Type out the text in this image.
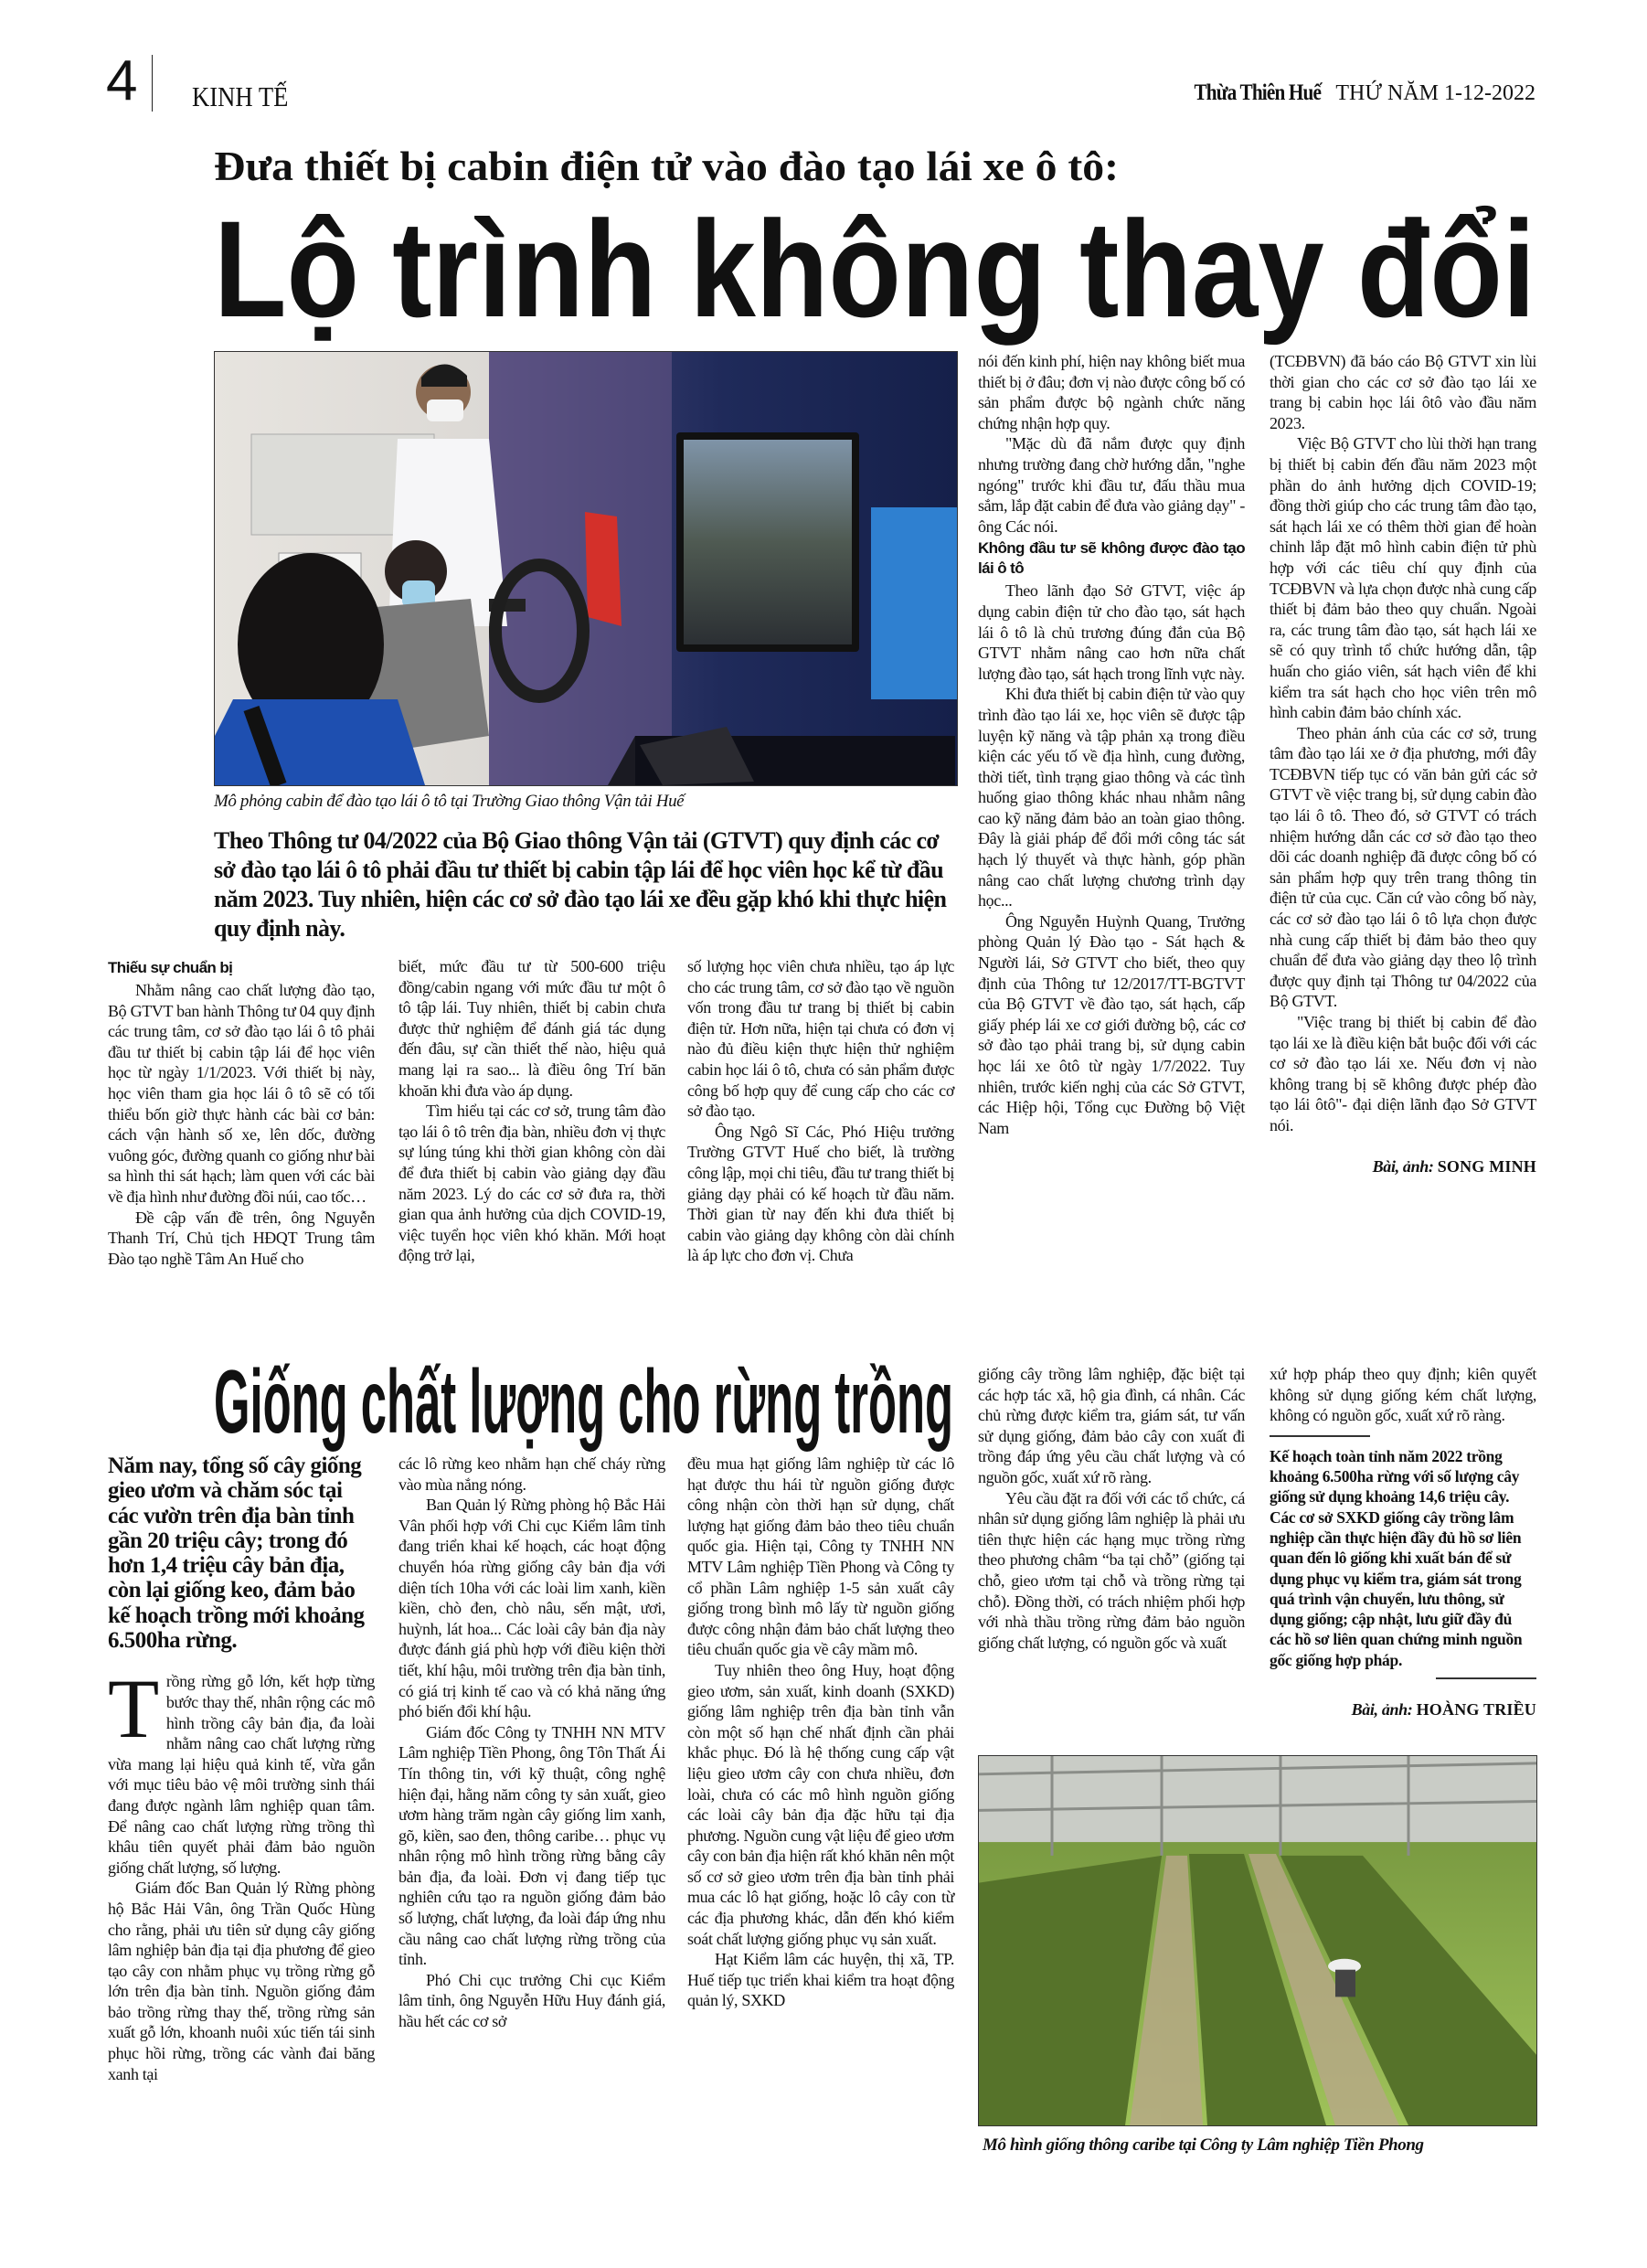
4 KINH TẾ	Thừa Thiên Huế THỨ NĂM 1-12-2022
Đưa thiết bị cabin điện tử vào đào tạo lái xe ô tô:
Lộ trình không thay đổi
Mô phỏng cabin để đào tạo lái ô tô tại Trường Giao thông Vận tải Huế
Theo Thông tư 04/2022 của Bộ Giao thông Vận tải (GTVT) quy định các cơ sở đào tạo lái ô tô phải đầu tư thiết bị cabin tập lái để học viên học kể từ đầu năm 2023. Tuy nhiên, hiện các cơ sở đào tạo lái xe đều gặp khó khi thực hiện quy định này.
Thiếu sự chuẩn bị

Nhằm nâng cao chất lượng đào tạo, Bộ GTVT ban hành Thông tư 04 quy định các trung tâm, cơ sở đào tạo lái ô tô phải đầu tư thiết bị cabin tập lái để học viên học từ ngày 1/1/2023. Với thiết bị này, học viên tham gia học lái ô tô sẽ có tối thiểu bốn giờ thực hành các bài cơ bản: cách vận hành số xe, lên dốc, đường vuông góc, đường quanh co giống như bài sa hình thi sát hạch; làm quen với các bài về địa hình như đường đồi núi, cao tốc…

Đề cập vấn đề trên, ông Nguyễn Thanh Trí, Chủ tịch HĐQT Trung tâm Đào tạo nghề Tâm An Huế cho

biết, mức đầu tư từ 500-600 triệu đồng/cabin ngang với mức đầu tư một ô tô tập lái. Tuy nhiên, thiết bị cabin chưa được thử nghiệm để đánh giá tác dụng đến đâu, sự cần thiết thế nào, hiệu quả mang lại ra sao... là điều ông Trí băn khoăn khi đưa vào áp dụng.

Tìm hiểu tại các cơ sở, trung tâm đào tạo lái ô tô trên địa bàn, nhiều đơn vị thực sự lúng túng khi thời gian không còn dài để đưa thiết bị cabin vào giảng dạy đầu năm 2023. Lý do các cơ sở đưa ra, thời gian qua ảnh hưởng của dịch COVID-19, việc tuyển học viên khó khăn. Mới hoạt động trở lại,

số lượng học viên chưa nhiều, tạo áp lực cho các trung tâm, cơ sở đào tạo về nguồn vốn trong đầu tư trang bị thiết bị cabin điện tử. Hơn nữa, hiện tại chưa có đơn vị nào đủ điều kiện thực hiện thử nghiệm cabin học lái ô tô, chưa có sản phẩm được công bố hợp quy để cung cấp cho các cơ sở đào tạo.

Ông Ngô Sĩ Các, Phó Hiệu trưởng Trường GTVT Huế cho biết, là trường công lập, mọi chi tiêu, đầu tư trang thiết bị giảng dạy phải có kế hoạch từ đầu năm. Thời gian từ nay đến khi đưa thiết bị cabin vào giảng dạy không còn dài chính là áp lực cho đơn vị. Chưa

nói đến kinh phí, hiện nay không biết mua thiết bị ở đâu; đơn vị nào được công bố có sản phẩm được bộ ngành chức năng chứng nhận hợp quy.

"Mặc dù đã nắm được quy định nhưng trường đang chờ hướng dẫn, "nghe ngóng" trước khi đầu tư, đấu thầu mua sắm, lắp đặt cabin để đưa vào giảng dạy" - ông Các nói.

Không đầu tư sẽ không được đào tạo lái ô tô

Theo lãnh đạo Sở GTVT, việc áp dụng cabin điện tử cho đào tạo, sát hạch lái ô tô là chủ trương đúng đắn của Bộ GTVT nhằm nâng cao hơn nữa chất lượng đào tạo, sát hạch trong lĩnh vực này.

Khi đưa thiết bị cabin điện tử vào quy trình đào tạo lái xe, học viên sẽ được tập luyện kỹ năng và tập phản xạ trong điều kiện các yếu tố về địa hình, cung đường, thời tiết, tình trạng giao thông và các tình huống giao thông khác nhau nhằm nâng cao kỹ năng đảm bảo an toàn giao thông. Đây là giải pháp để đổi mới công tác sát hạch lý thuyết và thực hành, góp phần nâng cao chất lượng chương trình dạy học...

Ông Nguyễn Huỳnh Quang, Trưởng phòng Quản lý Đào tạo - Sát hạch & Người lái, Sở GTVT cho biết, theo quy định của Thông tư 12/2017/TT-BGTVT của Bộ GTVT về đào tạo, sát hạch, cấp giấy phép lái xe cơ giới đường bộ, các cơ sở đào tạo phải trang bị, sử dụng cabin học lái xe ôtô từ ngày 1/7/2022. Tuy nhiên, trước kiến nghị của các Sở GTVT, các Hiệp hội, Tổng cục Đường bộ Việt Nam

(TCĐBVN) đã báo cáo Bộ GTVT xin lùi thời gian cho các cơ sở đào tạo lái xe trang bị cabin học lái ôtô vào đầu năm 2023.

Việc Bộ GTVT cho lùi thời hạn trang bị thiết bị cabin đến đầu năm 2023 một phần do ảnh hưởng dịch COVID-19; đồng thời giúp cho các trung tâm đào tạo, sát hạch lái xe có thêm thời gian để hoàn chỉnh lắp đặt mô hình cabin điện tử phù hợp với các tiêu chí quy định của TCĐBVN và lựa chọn được nhà cung cấp thiết bị đảm bảo theo quy chuẩn. Ngoài ra, các trung tâm đào tạo, sát hạch lái xe sẽ có quy trình tổ chức hướng dẫn, tập huấn cho giáo viên, sát hạch viên để khi kiểm tra sát hạch cho học viên trên mô hình cabin đảm bảo chính xác.

Theo phản ánh của các cơ sở, trung tâm đào tạo lái xe ở địa phương, mới đây TCĐBVN tiếp tục có văn bản gửi các sở GTVT về việc trang bị, sử dụng cabin đào tạo lái ô tô. Theo đó, sở GTVT có trách nhiệm hướng dẫn các cơ sở đào tạo theo dõi các doanh nghiệp đã được công bố có sản phẩm hợp quy trên trang thông tin điện tử của cục. Căn cứ vào công bố này, các cơ sở đào tạo lái ô tô lựa chọn được nhà cung cấp thiết bị đảm bảo theo quy chuẩn để đưa vào giảng dạy theo lộ trình được quy định tại Thông tư 04/2022 của Bộ GTVT.

"Việc trang bị thiết bị cabin để đào tạo lái xe là điều kiện bắt buộc đối với các cơ sở đào tạo lái xe. Nếu đơn vị nào không trang bị sẽ không được phép đào tạo lái ôtô"- đại diện lãnh đạo Sở GTVT nói.

Bài, ảnh: SONG MINH
Giống chất lượng cho rừng trồng
Năm nay, tổng số cây giống gieo ươm và chăm sóc tại các vườn trên địa bàn tỉnh gần 20 triệu cây; trong đó hơn 1,4 triệu cây bản địa, còn lại giống keo, đảm bảo kế hoạch trồng mới khoảng 6.500ha rừng.

Trồng rừng gỗ lớn, kết hợp từng bước thay thế, nhân rộng các mô hình trồng cây bản địa, đa loài nhằm nâng cao chất lượng rừng vừa mang lại hiệu quả kinh tế, vừa gắn với mục tiêu bảo vệ môi trường sinh thái đang được ngành lâm nghiệp quan tâm. Để nâng cao chất lượng rừng trồng thì khâu tiên quyết phải đảm bảo nguồn giống chất lượng, số lượng.

Giám đốc Ban Quản lý Rừng phòng hộ Bắc Hải Vân, ông Trần Quốc Hùng cho rằng, phải ưu tiên sử dụng cây giống lâm nghiệp bản địa tại địa phương để gieo tạo cây con nhằm phục vụ trồng rừng gỗ lớn trên địa bàn tỉnh. Nguồn giống đảm bảo trồng rừng thay thế, trồng rừng sản xuất gỗ lớn, khoanh nuôi xúc tiến tái sinh phục hồi rừng, trồng các vành đai băng xanh tại

các lô rừng keo nhằm hạn chế cháy rừng vào mùa nắng nóng.

Ban Quản lý Rừng phòng hộ Bắc Hải Vân phối hợp với Chi cục Kiểm lâm tỉnh đang triển khai kế hoạch, các hoạt động chuyển hóa rừng giống cây bản địa với diện tích 10ha với các loài lim xanh, kiền kiền, chò đen, chò nâu, sến mật, ươi, huỳnh, lát hoa... Các loài cây bản địa này được đánh giá phù hợp với điều kiện thời tiết, khí hậu, môi trường trên địa bàn tỉnh, có giá trị kinh tế cao và có khả năng ứng phó biến đổi khí hậu.

Giám đốc Công ty TNHH NN MTV Lâm nghiệp Tiền Phong, ông Tôn Thất Ái Tín thông tin, với kỹ thuật, công nghệ hiện đại, hằng năm công ty sản xuất, gieo ươm hàng trăm ngàn cây giống lim xanh, gõ, kiền, sao đen, thông caribe… phục vụ nhân rộng mô hình trồng rừng bằng cây bản địa, đa loài. Đơn vị đang tiếp tục nghiên cứu tạo ra nguồn giống đảm bảo số lượng, chất lượng, đa loài đáp ứng nhu cầu nâng cao chất lượng rừng trồng của tỉnh.

Phó Chi cục trưởng Chi cục Kiểm lâm tỉnh, ông Nguyễn Hữu Huy đánh giá, hầu hết các cơ sở

đều mua hạt giống lâm nghiệp từ các lô hạt được thu hái từ nguồn giống được công nhận còn thời hạn sử dụng, chất lượng hạt giống đảm bảo theo tiêu chuẩn quốc gia. Hiện tại, Công ty TNHH NN MTV Lâm nghiệp Tiền Phong và Công ty cổ phần Lâm nghiệp 1-5 sản xuất cây giống trong bình mô lấy từ nguồn giống được công nhận đảm bảo chất lượng theo tiêu chuẩn quốc gia về cây mầm mô.

Tuy nhiên theo ông Huy, hoạt động gieo ươm, sản xuất, kinh doanh (SXKD) giống lâm nghiệp trên địa bàn tỉnh vẫn còn một số hạn chế nhất định cần phải khắc phục. Đó là hệ thống cung cấp vật liệu gieo ươm cây con chưa nhiều, đơn loài, chưa có các mô hình nguồn giống các loài cây bản địa đặc hữu tại địa phương. Nguồn cung vật liệu để gieo ươm cây con bản địa hiện rất khó khăn nên một số cơ sở gieo ươm trên địa bàn tỉnh phải mua các lô hạt giống, hoặc lô cây con từ các địa phương khác, dẫn đến khó kiểm soát chất lượng giống phục vụ sản xuất.

Hạt Kiểm lâm các huyện, thị xã, TP. Huế tiếp tục triển khai kiểm tra hoạt động quản lý, SXKD

giống cây trồng lâm nghiệp, đặc biệt tại các hợp tác xã, hộ gia đình, cá nhân. Các chủ rừng được kiểm tra, giám sát, tư vấn sử dụng giống, đảm bảo cây con xuất đi trồng đáp ứng yêu cầu chất lượng và có nguồn gốc, xuất xứ rõ ràng.

Yêu cầu đặt ra đối với các tổ chức, cá nhân sử dụng giống lâm nghiệp là phải ưu tiên thực hiện các hạng mục trồng rừng theo phương châm “ba tại chỗ” (giống tại chỗ, gieo ươm tại chỗ và trồng rừng tại chỗ). Đồng thời, có trách nhiệm phối hợp với nhà thầu trồng rừng đảm bảo nguồn giống chất lượng, có nguồn gốc và xuất

xứ hợp pháp theo quy định; kiên quyết không sử dụng giống kém chất lượng, không có nguồn gốc, xuất xứ rõ ràng.

Kế hoạch toàn tỉnh năm 2022 trồng khoảng 6.500ha rừng với số lượng cây giống sử dụng khoảng 14,6 triệu cây. Các cơ sở SXKD giống cây trồng lâm nghiệp cần thực hiện đầy đủ hồ sơ liên quan đến lô giống khi xuất bán để sử dụng phục vụ kiểm tra, giám sát trong quá trình vận chuyển, lưu thông, sử dụng giống; cập nhật, lưu giữ đầy đủ các hồ sơ liên quan chứng minh nguồn gốc giống hợp pháp.
Bài, ảnh: HOÀNG TRIỀU
Mô hình giống thông caribe tại Công ty Lâm nghiệp Tiền Phong
